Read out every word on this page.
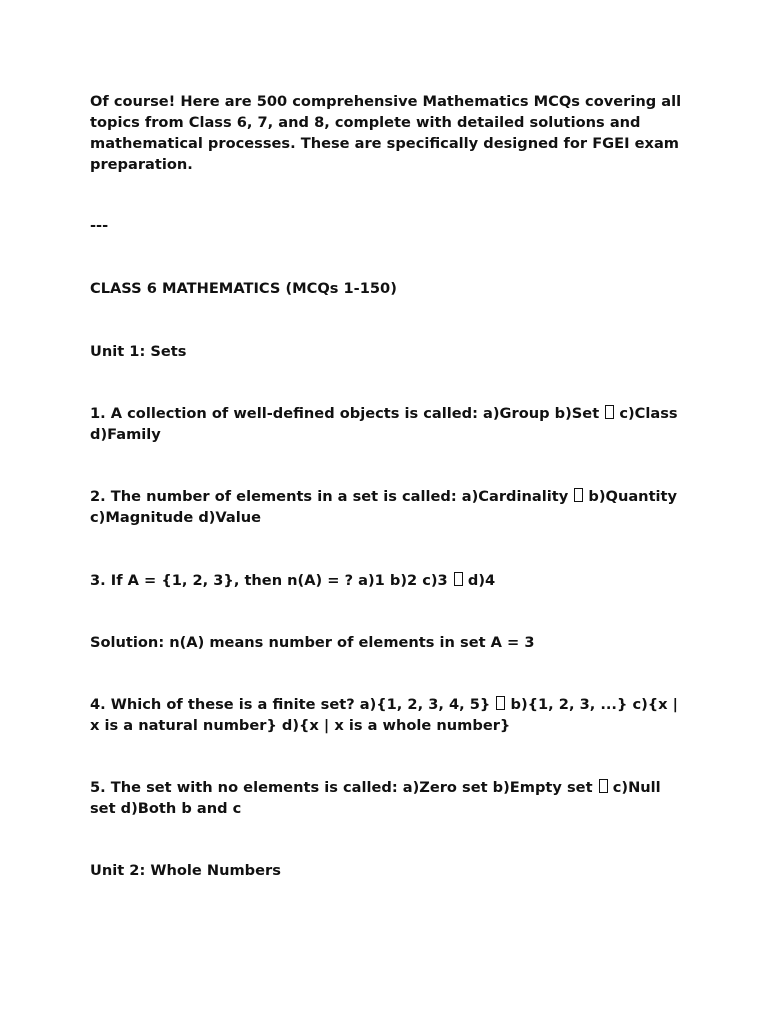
Of course! Here are 500 comprehensive Mathematics MCQs covering all topics from Class 6, 7, and 8, complete with detailed solutions and mathematical processes. These are specifically designed for FGEI exam preparation.

---

CLASS 6 MATHEMATICS (MCQs 1-150)

Unit 1: Sets

1. A collection of well-defined objects is called: a)Group b)Set c)Class d)Family

2. The number of elements in a set is called: a)Cardinality b)Quantity c)Magnitude d)Value

3. If A = {1, 2, 3}, then n(A) = ? a)1 b)2 c)3 d)4

Solution: n(A) means number of elements in set A = 3

4. Which of these is a finite set? a){1, 2, 3, 4, 5} b){1, 2, 3, ...} c){x | x is a natural number} d){x | x is a whole number}

5. The set with no elements is called: a)Zero set b)Empty set c)Null set d)Both b and c

Unit 2: Whole Numbers
